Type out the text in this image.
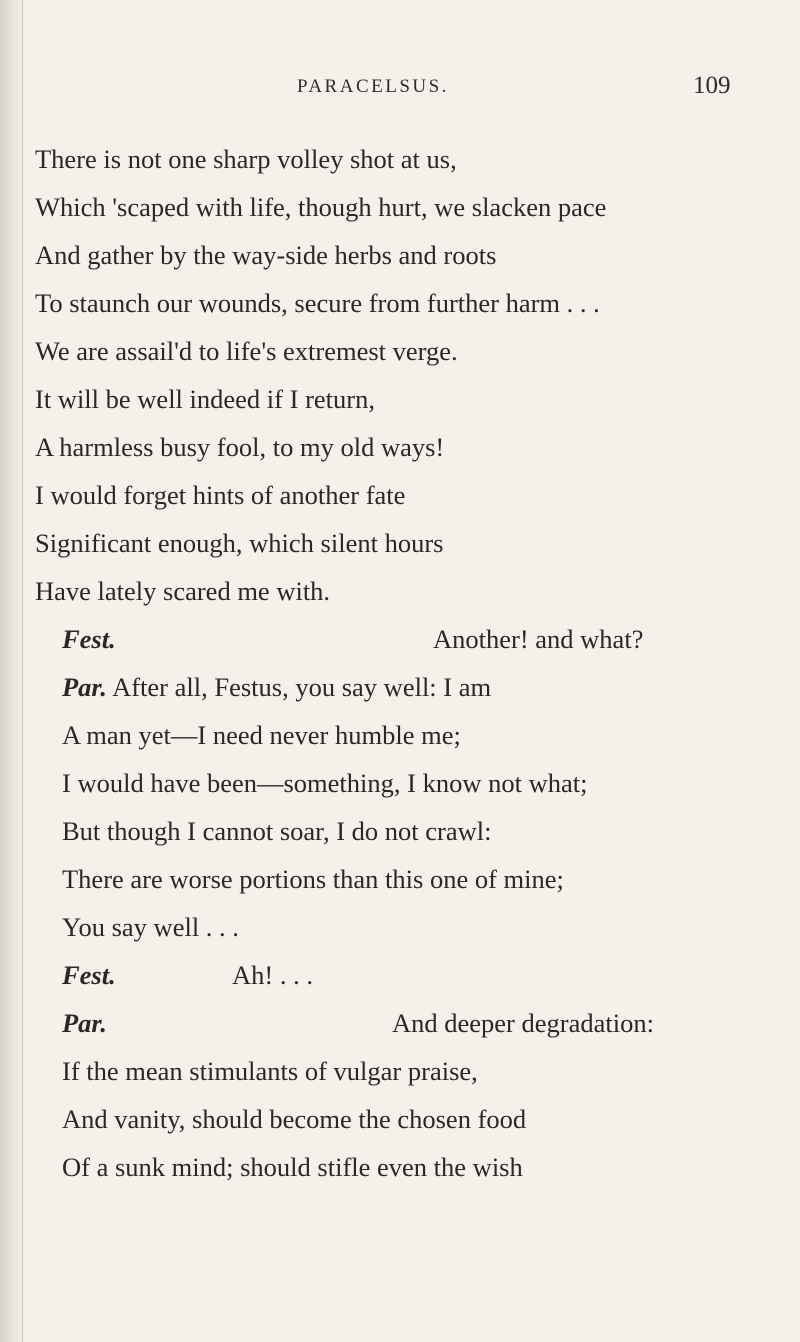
PARACELSUS.	109
There is not one sharp volley shot at us,
Which 'scaped with life, though hurt, we slacken pace
And gather by the way-side herbs and roots
To staunch our wounds, secure from further harm . . .
We are assail'd to life's extremest verge.
It will be well indeed if I return,
A harmless busy fool, to my old ways!
I would forget hints of another fate
Significant enough, which silent hours
Have lately scared me with.
Fest.	Another! and what?
Par. After all, Festus, you say well: I am
A man yet—I need never humble me;
I would have been—something, I know not what;
But though I cannot soar, I do not crawl:
There are worse portions than this one of mine;
You say well . . .
Fest.	Ah! . . .
Par.	And deeper degradation:
If the mean stimulants of vulgar praise,
And vanity, should become the chosen food
Of a sunk mind; should stifle even the wish
